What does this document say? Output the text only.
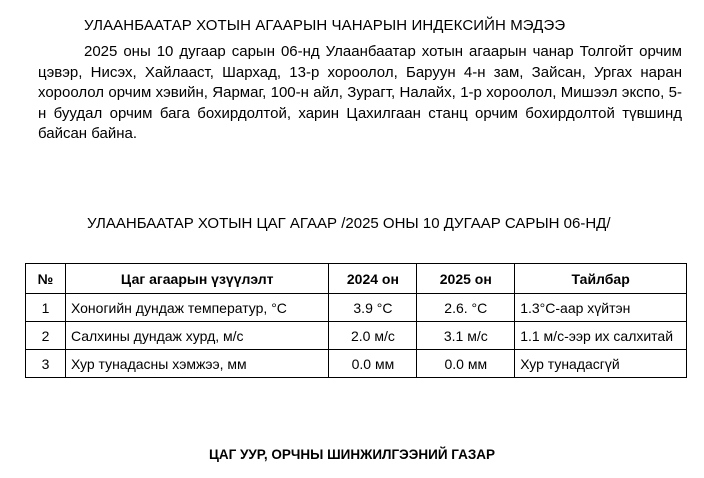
УЛААНБААТАР ХОТЫН АГААРЫН ЧАНАРЫН ИНДЕКСИЙН МЭДЭЭ

2025 оны 10 дугаар сарын 06-нд Улаанбаатар хотын агаарын чанар Толгойт орчим цэвэр, Нисэх, Хайлааст, Шархад, 13-р хороолол, Баруун 4-н зам, Зайсан, Ургах наран хороолол орчим хэвийн, Яармаг, 100-н айл, Зурагт, Налайх, 1-р хороолол, Мишээл экспо, 5-н буудал орчим бага бохирдолтой, харин Цахилгаан станц орчим бохирдолтой түвшинд байсан байна.

УЛААНБААТАР ХОТЫН ЦАГ АГААР /2025 ОНЫ 10 ДУГААР САРЫН 06-НД/
№	Цаг агаарын үзүүлэлт	2024 он	2025 он	Тайлбар
1	Хоногийн дундаж температур, °C	3.9 °C	2.6. °C	1.3°C-аар хүйтэн
2	Салхины дундаж хурд, м/с	2.0 м/с	3.1 м/с	1.1 м/с-ээр их салхитай
3	Хур тунадасны хэмжээ, мм	0.0 мм	0.0 мм	Хур тунадасгүй
ЦАГ УУР, ОРЧНЫ ШИНЖИЛГЭЭНИЙ ГАЗАР
